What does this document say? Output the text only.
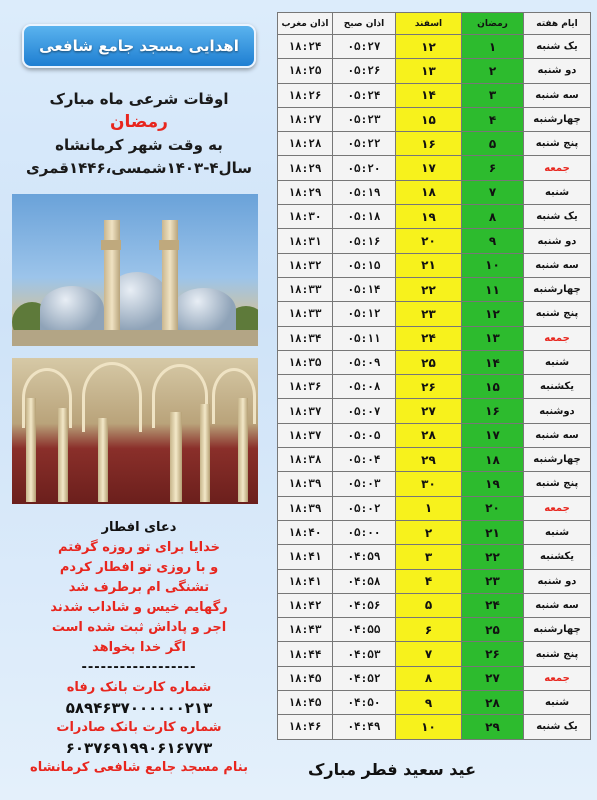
اهدایی مسجد جامع شافعی
اوقات شرعی ماه مبارک
رمضان
به وقت شهر کرمانشاه
سال۴-۱۴۰۳شمسی،۱۴۴۶قمری
دعای افطار
خدایا برای تو روزه گرفتم
و با روزی تو افطار کردم
تشنگی ام برطرف شد
رگهایم خیس و شاداب شدند
اجر و پاداش ثبت شده است
اگر خدا بخواهد
------------------
شماره کارت بانک رفاه
۵۸۹۴۶۳۷۰۰۰۰۰۰۲۱۳
شماره کارت بانک صادرات
۶۰۳۷۶۹۱۹۹۰۶۱۶۷۷۳
بنام مسجد جامع شافعی کرمانشاه
اذان مغرب	اذان صبح	اسفند	رمضان	ایام هفته
۱۸:۲۴	۰۵:۲۷	۱۲	۱	یک شنبه
۱۸:۲۵	۰۵:۲۶	۱۳	۲	دو شنبه
۱۸:۲۶	۰۵:۲۴	۱۴	۳	سه شنبه
۱۸:۲۷	۰۵:۲۳	۱۵	۴	چهارشنبه
۱۸:۲۸	۰۵:۲۲	۱۶	۵	پنج شنبه
۱۸:۲۹	۰۵:۲۰	۱۷	۶	جمعه
۱۸:۲۹	۰۵:۱۹	۱۸	۷	شنبه
۱۸:۳۰	۰۵:۱۸	۱۹	۸	یک شنبه
۱۸:۳۱	۰۵:۱۶	۲۰	۹	دو شنبه
۱۸:۳۲	۰۵:۱۵	۲۱	۱۰	سه شنبه
۱۸:۳۳	۰۵:۱۴	۲۲	۱۱	چهارشنبه
۱۸:۳۳	۰۵:۱۲	۲۳	۱۲	پنج شنبه
۱۸:۳۴	۰۵:۱۱	۲۴	۱۳	جمعه
۱۸:۳۵	۰۵:۰۹	۲۵	۱۴	شنبه
۱۸:۳۶	۰۵:۰۸	۲۶	۱۵	یکشنبه
۱۸:۳۷	۰۵:۰۷	۲۷	۱۶	دوشنبه
۱۸:۳۷	۰۵:۰۵	۲۸	۱۷	سه شنبه
۱۸:۳۸	۰۵:۰۴	۲۹	۱۸	چهارشنبه
۱۸:۳۹	۰۵:۰۳	۳۰	۱۹	پنج شنبه
۱۸:۳۹	۰۵:۰۲	۱	۲۰	جمعه
۱۸:۴۰	۰۵:۰۰	۲	۲۱	شنبه
۱۸:۴۱	۰۴:۵۹	۳	۲۲	یکشنبه
۱۸:۴۱	۰۴:۵۸	۴	۲۳	دو شنبه
۱۸:۴۲	۰۴:۵۶	۵	۲۴	سه شنبه
۱۸:۴۳	۰۴:۵۵	۶	۲۵	چهارشنبه
۱۸:۴۴	۰۴:۵۳	۷	۲۶	پنج شنبه
۱۸:۴۵	۰۴:۵۲	۸	۲۷	جمعه
۱۸:۴۵	۰۴:۵۰	۹	۲۸	شنبه
۱۸:۴۶	۰۴:۴۹	۱۰	۲۹	یک شنبه
عید سعید فطر مبارک
